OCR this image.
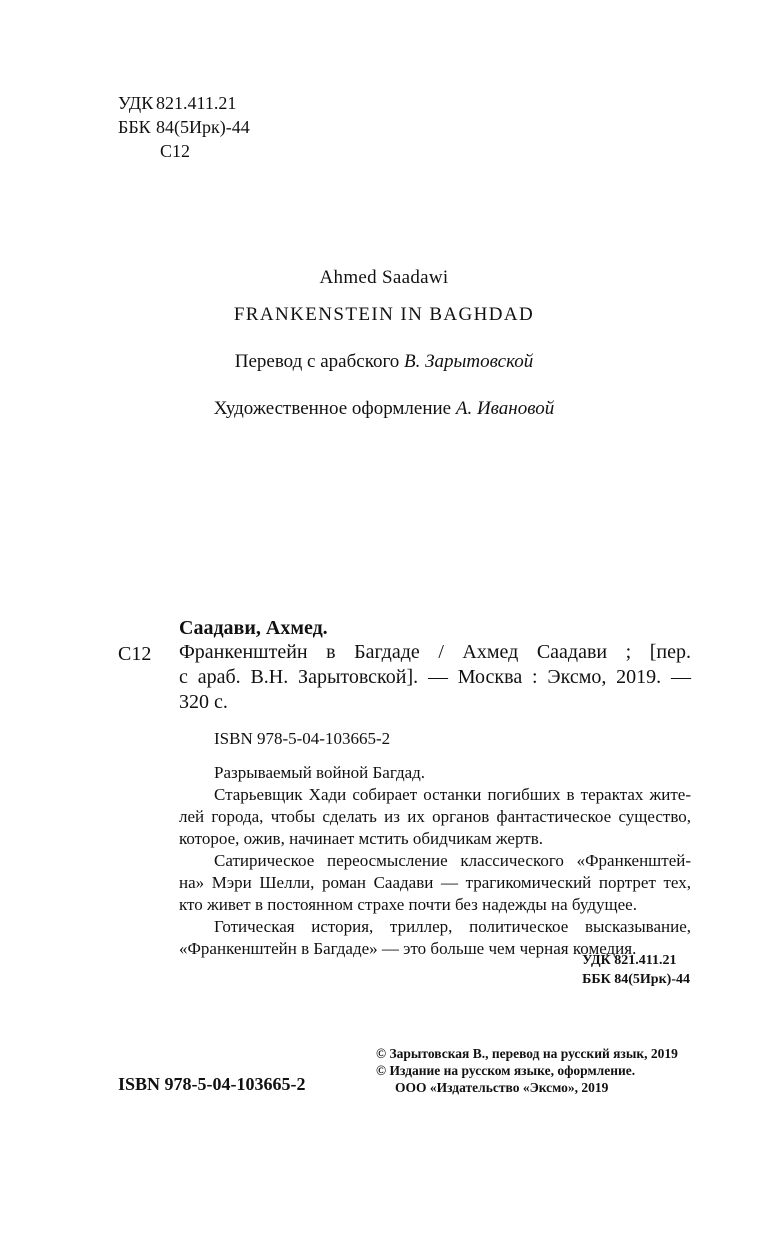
УДК 821.411.21
ББК 84(5Ирк)-44
С12
Ahmed Saadawi
FRANKENSTEIN IN BAGHDAD
Перевод с арабского В. Зарытовской
Художественное оформление А. Ивановой
Саадави, Ахмед.
С12 Франкенштейн в Багдаде / Ахмед Саадави ; [пер.
с араб. В.Н. Зарытовской]. — Москва : Эксмо, 2019. —
320 с.
ISBN 978-5-04-103665-2
Разрываемый войной Багдад.
Старьевщик Хади собирает останки погибших в терактах жите-
лей города, чтобы сделать из их органов фантастическое существо,
которое, ожив, начинает мстить обидчикам жертв.
Сатирическое переосмысление классического «Франкенштей-
на» Мэри Шелли, роман Саадави — трагикомический портрет тех,
кто живет в постоянном страхе почти без надежды на будущее.
Готическая история, триллер, политическое высказывание,
«Франкенштейн в Багдаде» — это больше чем черная комедия.
УДК 821.411.21
ББК 84(5Ирк)-44
© Зарытовская В., перевод на русский язык, 2019
© Издание на русском языке, оформление.
ООО «Издательство «Эксмо», 2019
ISBN 978-5-04-103665-2
